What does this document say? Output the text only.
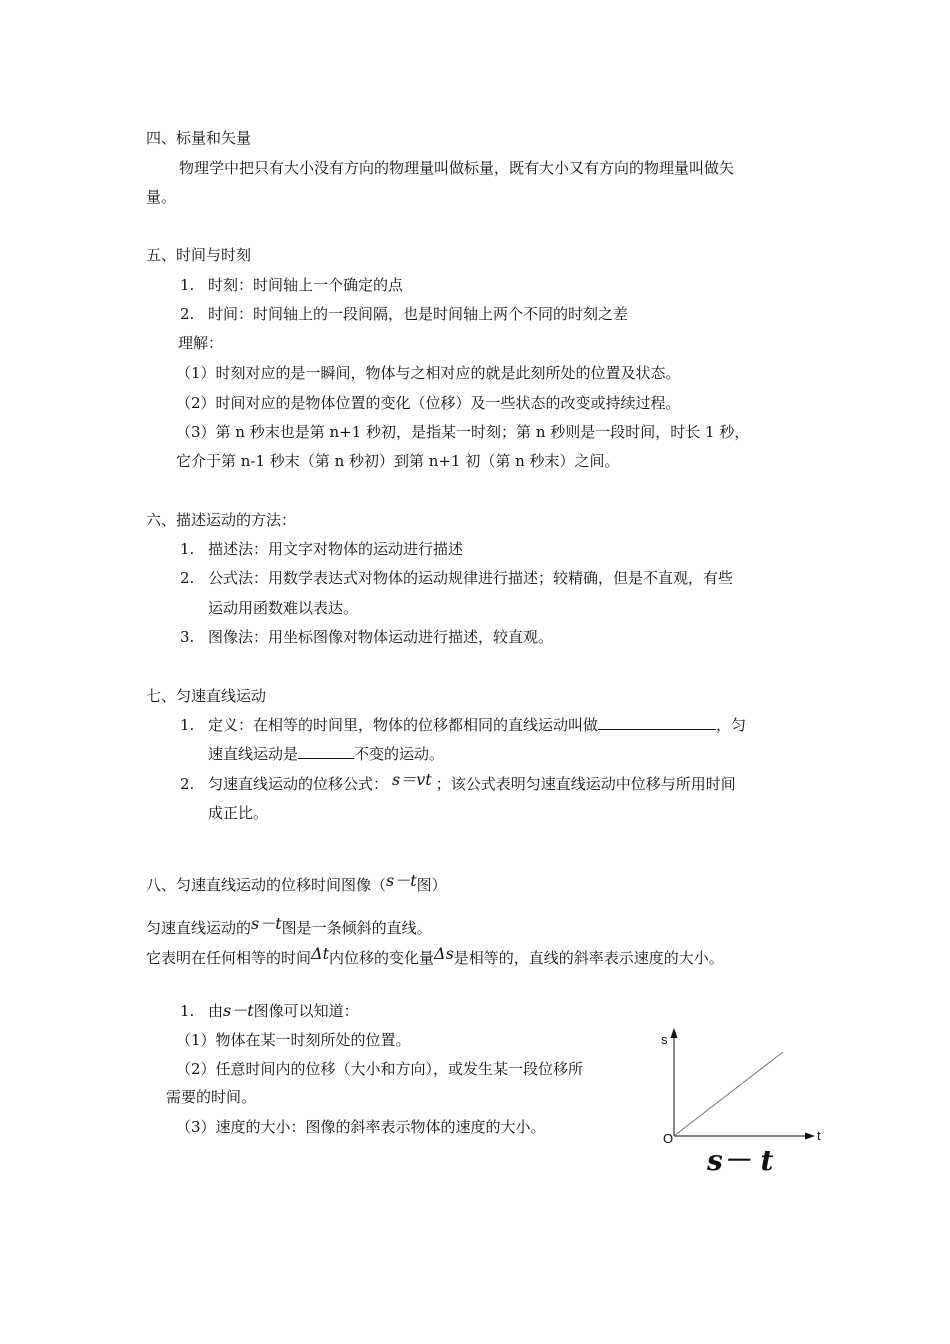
四、标量和矢量
物理学中把只有大小没有方向的物理量叫做标量，既有大小又有方向的物理量叫做矢
量。
五、时间与时刻
1. 时刻：时间轴上一个确定的点
2. 时间：时间轴上的一段间隔，也是时间轴上两个不同的时刻之差
理解：
（1）时刻对应的是一瞬间，物体与之相对应的就是此刻所处的位置及状态。
（2）时间对应的是物体位置的变化（位移）及一些状态的改变或持续过程。
（3）第 n 秒末也是第 n+1 秒初，是指某一时刻；第 n 秒则是一段时间，时长 1 秒，
它介于第 n-1 秒末（第 n 秒初）到第 n+1 初（第 n 秒末）之间。
六、描述运动的方法：
1. 描述法：用文字对物体的运动进行描述
2. 公式法：用数学表达式对物体的运动规律进行描述；较精确，但是不直观，有些
运动用函数难以表达。
3. 图像法：用坐标图像对物体运动进行描述，较直观。
七、匀速直线运动
1. 定义：在相等的时间里，物体的位移都相同的直线运动叫做	，匀
速直线运动是	不变的运动。
2. 匀速直线运动的位移公式： s＝vt ；该公式表明匀速直线运动中位移与所用时间
成正比。
八、匀速直线运动的位移时间图像（s－t图）
匀速直线运动的s－t图是一条倾斜的直线。
它表明在任何相等的时间Δt内位移的变化量Δs是相等的，直线的斜率表示速度的大小。
1. 由s－t图像可以知道：
（1）物体在某一时刻所处的位置。
（2）任意时间内的位移（大小和方向），或发生某一段位移所
需要的时间。
（3）速度的大小：图像的斜率表示物体的速度的大小。
s
t
O
s－ t
